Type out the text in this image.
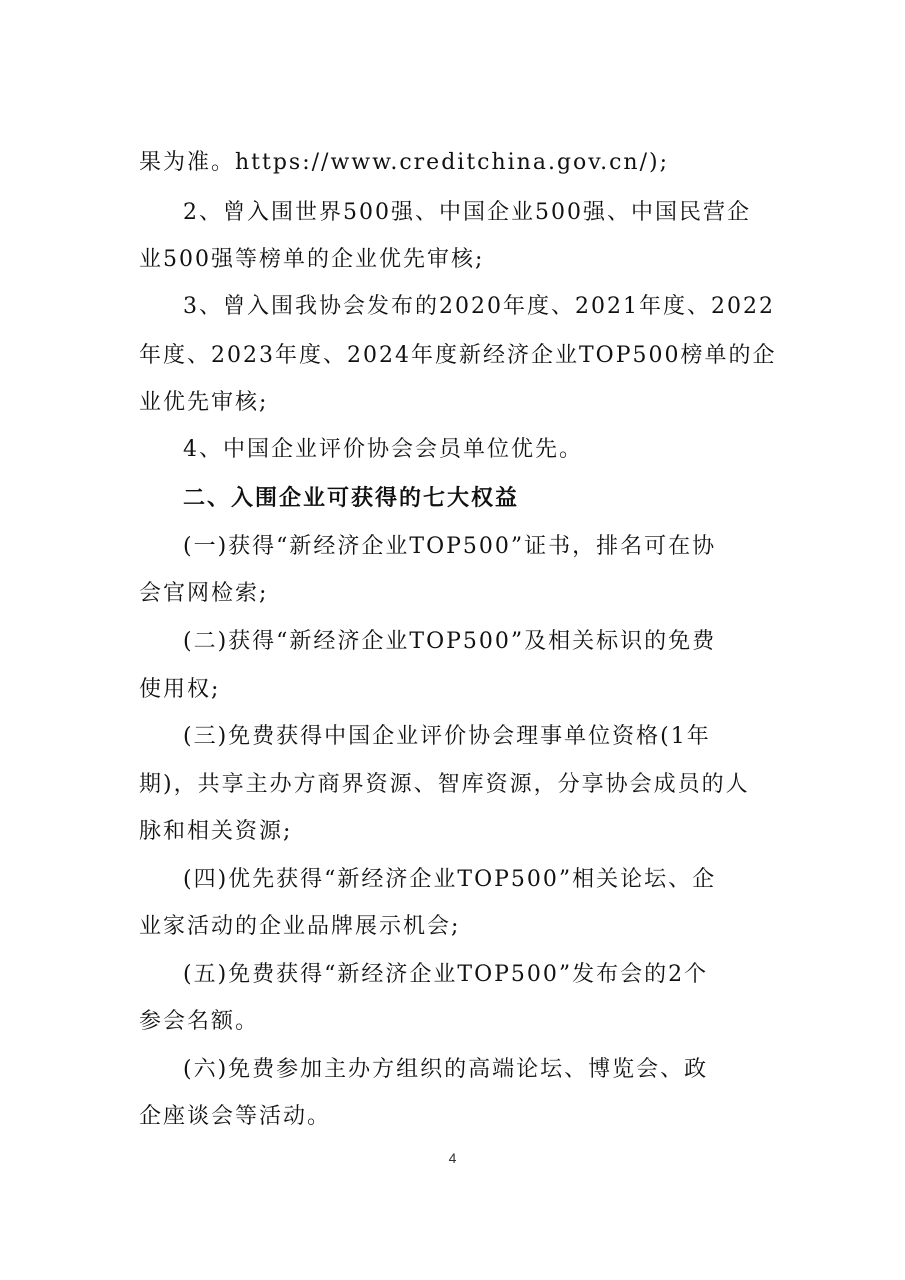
果为准。https://www.creditchina.gov.cn/);
2、曾入围世界500强、中国企业500强、中国民营企
业500强等榜单的企业优先审核;
3、曾入围我协会发布的2020年度、2021年度、2022
年度、2023年度、2024年度新经济企业TOP500榜单的企
业优先审核;
4、中国企业评价协会会员单位优先。
二、入围企业可获得的七大权益
(一)获得“新经济企业TOP500”证书，排名可在协
会官网检索;
(二)获得“新经济企业TOP500”及相关标识的免费
使用权;
(三)免费获得中国企业评价协会理事单位资格(1年
期)，共享主办方商界资源、智库资源，分享协会成员的人
脉和相关资源;
(四)优先获得“新经济企业TOP500”相关论坛、企
业家活动的企业品牌展示机会;
(五)免费获得“新经济企业TOP500”发布会的2个
参会名额。
(六)免费参加主办方组织的高端论坛、博览会、政
企座谈会等活动。
4
